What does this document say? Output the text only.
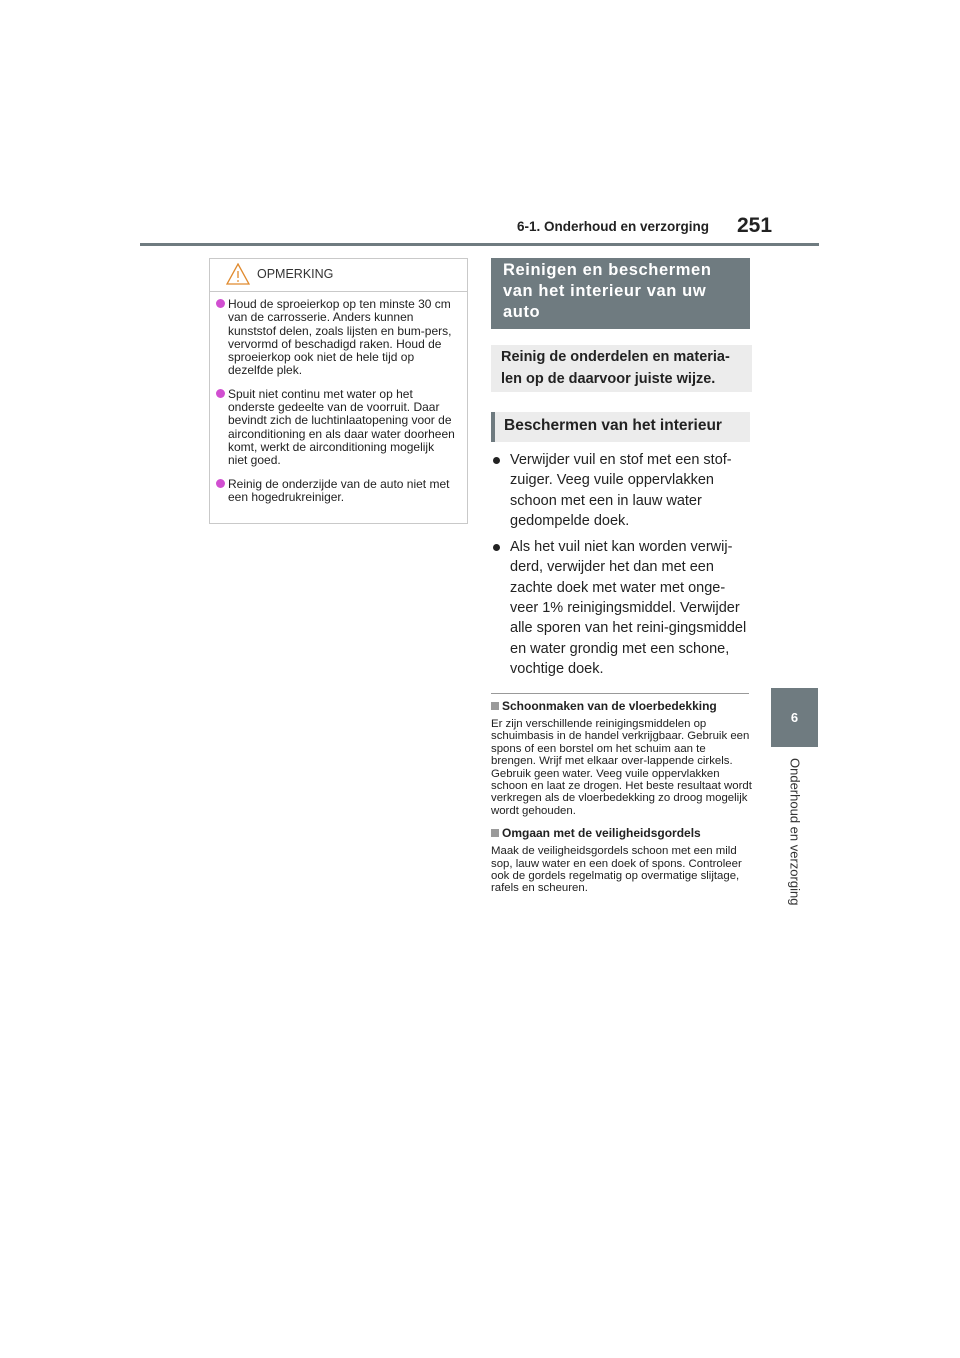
6-1. Onderhoud en verzorging 251
6
Onderhoud en verzorging
OPMERKING
Houd de sproeierkop op ten minste 30 cm van de carrosserie. Anders kunnen kunststof delen, zoals lijsten en bum-pers, vervormd of beschadigd raken. Houd de sproeierkop ook niet de hele tijd op dezelfde plek.
Spuit niet continu met water op het onderste gedeelte van de voorruit. Daar bevindt zich de luchtinlaatopening voor de airconditioning en als daar water doorheen komt, werkt de airconditioning mogelijk niet goed.
Reinig de onderzijde van de auto niet met een hogedrukreiniger.
Reinigen en beschermen van het interieur van uw auto
Reinig de onderdelen en materia-len op de daarvoor juiste wijze.
Beschermen van het interieur
Verwijder vuil en stof met een stof-zuiger. Veeg vuile oppervlakken schoon met een in lauw water gedompelde doek.
Als het vuil niet kan worden verwij-derd, verwijder het dan met een zachte doek met water met onge-veer 1% reinigingsmiddel. Verwijder alle sporen van het reini-gingsmiddel en water grondig met een schone, vochtige doek.
Schoonmaken van de vloerbedekking
Er zijn verschillende reinigingsmiddelen op schuimbasis in de handel verkrijgbaar. Gebruik een spons of een borstel om het schuim aan te brengen. Wrijf met elkaar over-lappende cirkels. Gebruik geen water. Veeg vuile oppervlakken schoon en laat ze drogen. Het beste resultaat wordt verkregen als de vloerbedekking zo droog mogelijk wordt gehouden.
Omgaan met de veiligheidsgordels
Maak de veiligheidsgordels schoon met een mild sop, lauw water en een doek of spons. Controleer ook de gordels regelmatig op overmatige slijtage, rafels en scheuren.
